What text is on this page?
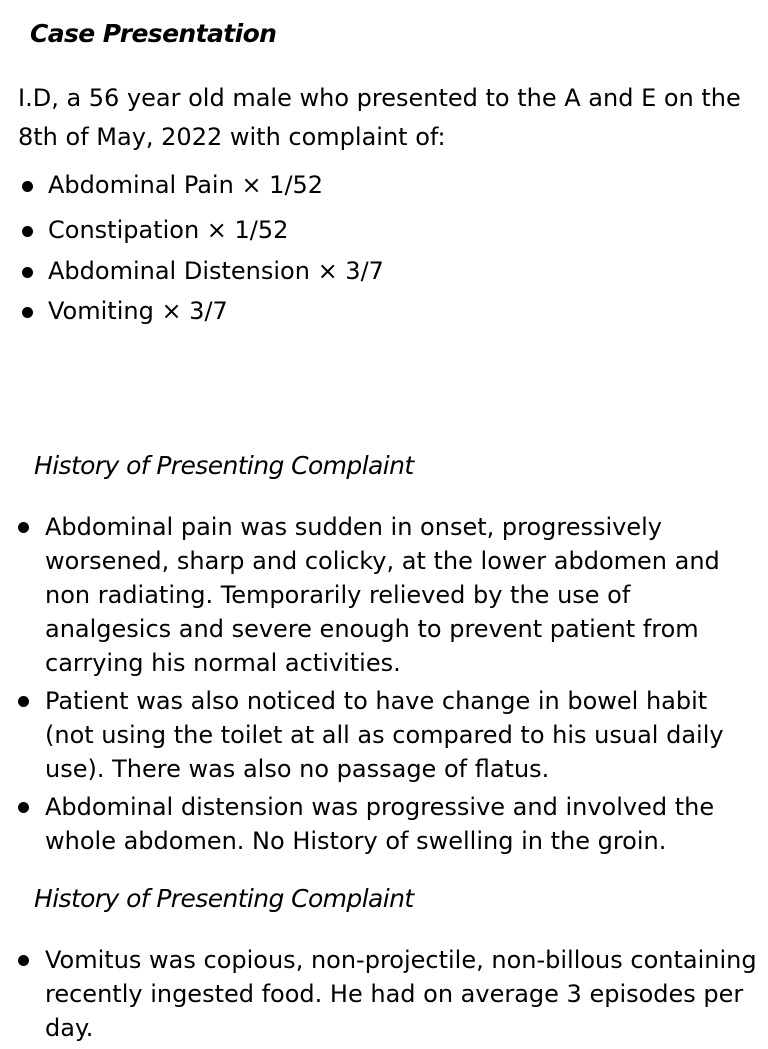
Case Presentation

I.D, a 56 year old male who presented to the A and E on the 8th of May, 2022 with complaint of:

Abdominal Pain × 1/52
Constipation × 1/52
Abdominal Distension × 3/7
Vomiting × 3/7
History of Presenting Complaint
Abdominal pain was sudden in onset, progressively worsened, sharp and colicky, at the lower abdomen and non radiating. Temporarily relieved by the use of analgesics and severe enough to prevent patient from carrying his normal activities.
Patient was also noticed to have change in bowel habit (not using the toilet at all as compared to his usual daily use). There was also no passage of flatus.
Abdominal distension was progressive and involved the whole abdomen. No History of swelling in the groin.
History of Presenting Complaint
Vomitus was copious, non-projectile, non-billous containing recently ingested food. He had on average 3 episodes per day.
